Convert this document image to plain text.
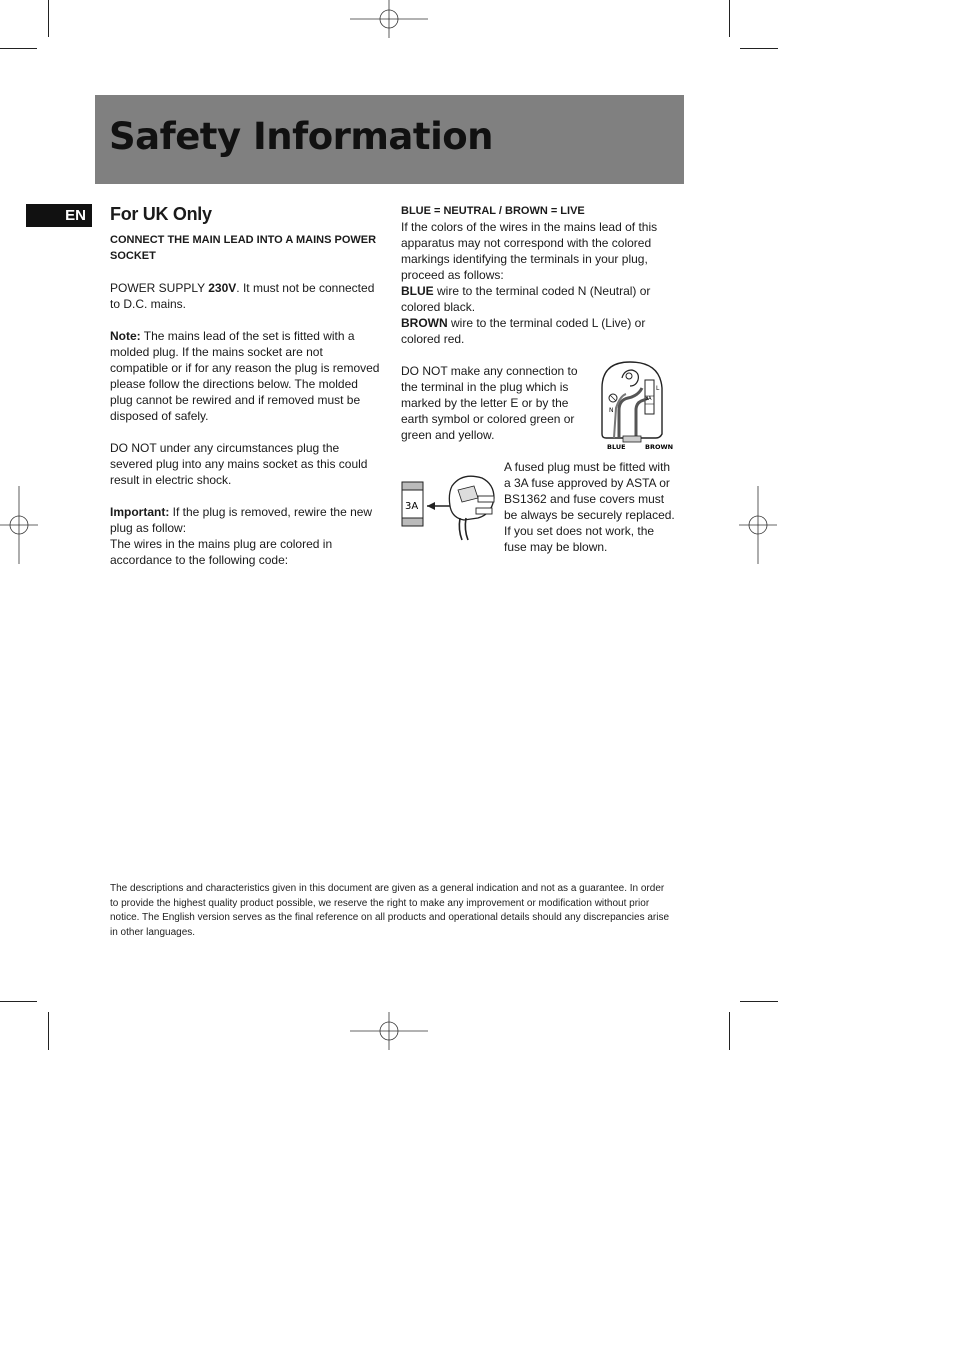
Safety Information
EN	For UK Only

CONNECT THE MAIN LEAD INTO A MAINS POWER SOCKET

POWER SUPPLY 230V. It must not be connected to D.C. mains.

Note: The mains lead of the set is fitted with a molded plug. If the mains socket are not compatible or if for any reason the plug is removed please follow the directions below. The molded plug cannot be rewired and if removed must be disposed of safely.

DO NOT under any circumstances plug the severed plug into any mains socket as this could result in electric shock.

Important: If the plug is removed, rewire the new plug as follow:
The wires in the mains plug are colored in accordance to the following code:

BLUE = NEUTRAL / BROWN = LIVE

If the colors of the wires in the mains lead of this apparatus may not correspond with the colored markings identifying the terminals in your plug, proceed as follows:
BLUE wire to the terminal coded N (Neutral) or colored black.
BROWN wire to the terminal coded L (Live) or colored red.

DO NOT make any connection to the terminal in the plug which is marked by the letter E or by the earth symbol or colored green or green and yellow.
N
L
3A
BLUE	BROWN
3A
A fused plug must be fitted with a 3A fuse approved by ASTA or BS1362 and fuse covers must be always be securely replaced. If you set does not work, the fuse may be blown.
The descriptions and characteristics given in this document are given as a general indication and not as a guarantee. In order to provide the highest quality product possible, we reserve the right to make any improvement or modification without prior notice. The English version serves as the final reference on all products and operational details should any discrepancies arise in other languages.
